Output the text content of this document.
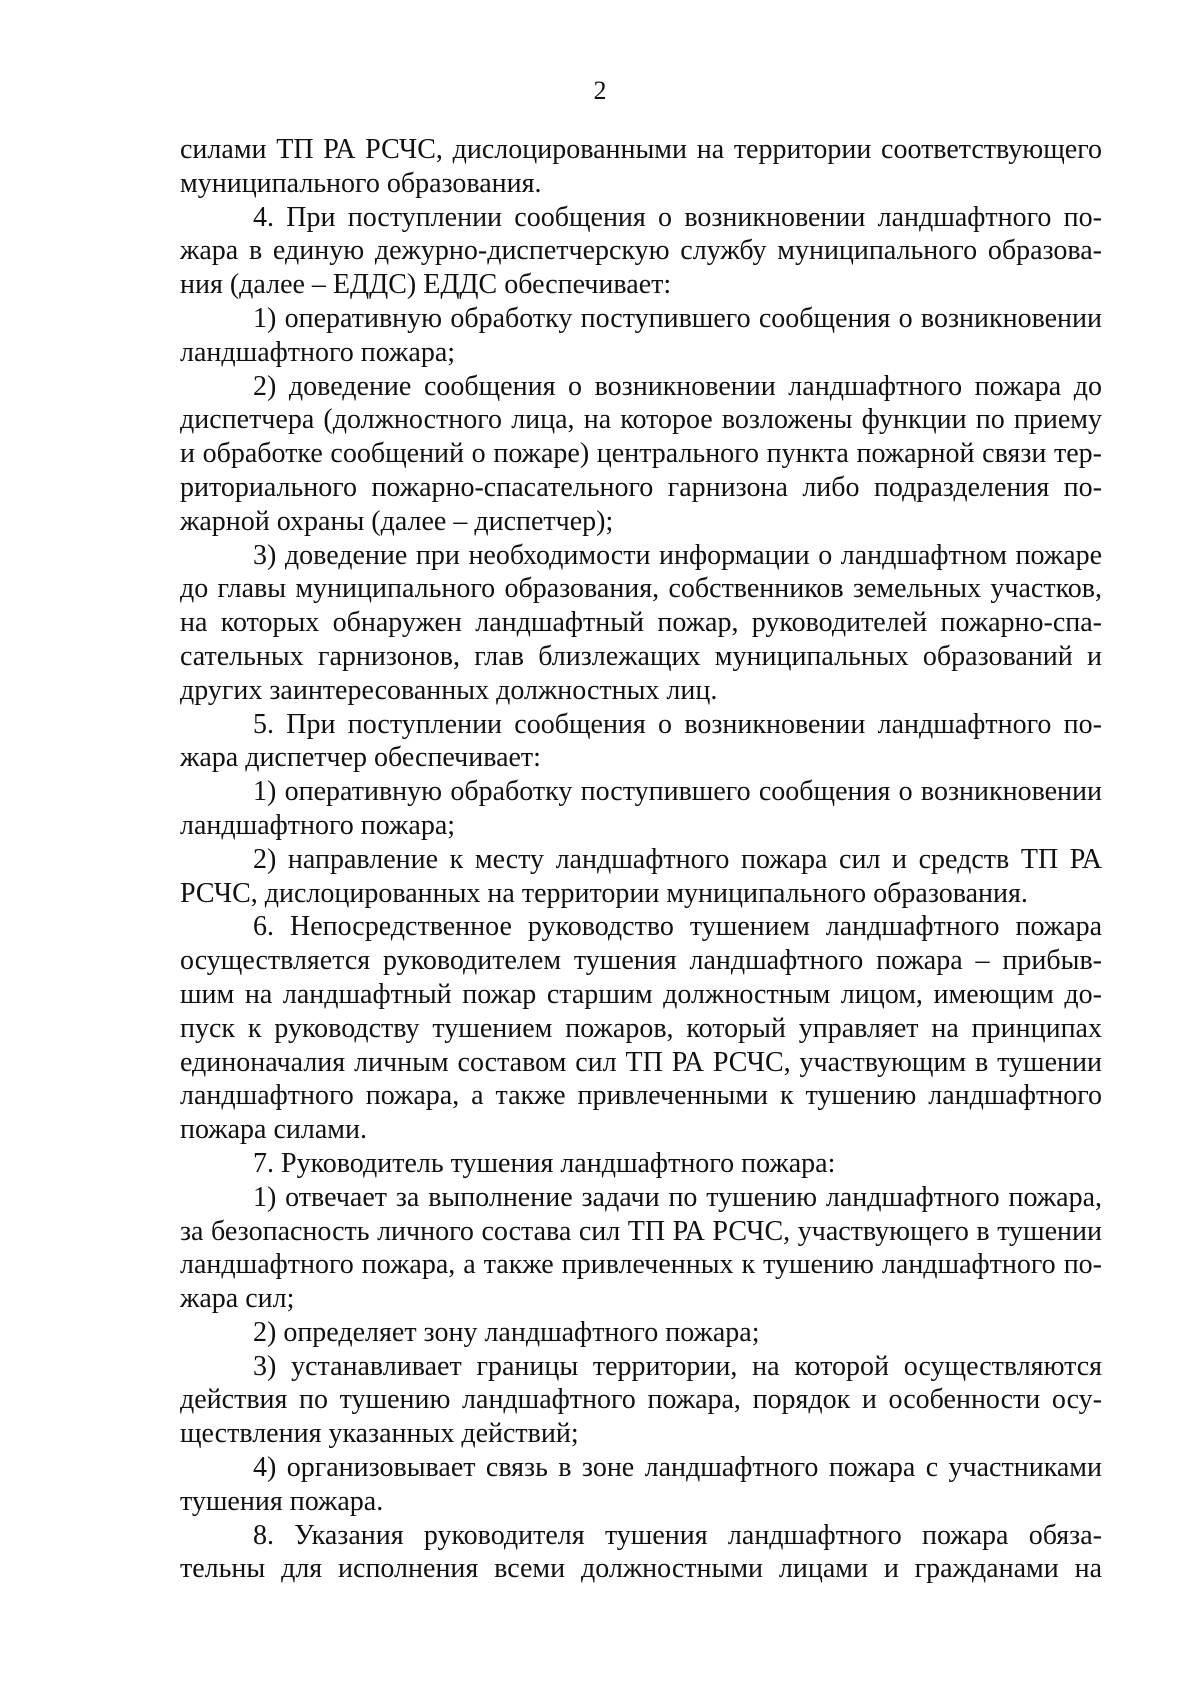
2
силами ТП РА РСЧС, дислоцированными на территории соответствующего
муниципального образования.
4. При поступлении сообщения о возникновении ландшафтного по-
жара в единую дежурно-диспетчерскую службу муниципального образова-
ния (далее – ЕДДС) ЕДДС обеспечивает:
1) оперативную обработку поступившего сообщения о возникновении
ландшафтного пожара;
2) доведение сообщения о возникновении ландшафтного пожара до
диспетчера (должностного лица, на которое возложены функции по приему
и обработке сообщений о пожаре) центрального пункта пожарной связи тер-
риториального пожарно-спасательного гарнизона либо подразделения по-
жарной охраны (далее – диспетчер);
3) доведение при необходимости информации о ландшафтном пожаре
до главы муниципального образования, собственников земельных участков,
на которых обнаружен ландшафтный пожар, руководителей пожарно-спа-
сательных гарнизонов, глав близлежащих муниципальных образований и
других заинтересованных должностных лиц.
5. При поступлении сообщения о возникновении ландшафтного по-
жара диспетчер обеспечивает:
1) оперативную обработку поступившего сообщения о возникновении
ландшафтного пожара;
2) направление к месту ландшафтного пожара сил и средств ТП РА
РСЧС, дислоцированных на территории муниципального образования.
6. Непосредственное руководство тушением ландшафтного пожара
осуществляется руководителем тушения ландшафтного пожара – прибыв-
шим на ландшафтный пожар старшим должностным лицом, имеющим до-
пуск к руководству тушением пожаров, который управляет на принципах
единоначалия личным составом сил ТП РА РСЧС, участвующим в тушении
ландшафтного пожара, а также привлеченными к тушению ландшафтного
пожара силами.
7. Руководитель тушения ландшафтного пожара:
1) отвечает за выполнение задачи по тушению ландшафтного пожара,
за безопасность личного состава сил ТП РА РСЧС, участвующего в тушении
ландшафтного пожара, а также привлеченных к тушению ландшафтного по-
жара сил;
2) определяет зону ландшафтного пожара;
3) устанавливает границы территории, на которой осуществляются
действия по тушению ландшафтного пожара, порядок и особенности осу-
ществления указанных действий;
4) организовывает связь в зоне ландшафтного пожара с участниками
тушения пожара.
8. Указания руководителя тушения ландшафтного пожара обяза-
тельны для исполнения всеми должностными лицами и гражданами на
